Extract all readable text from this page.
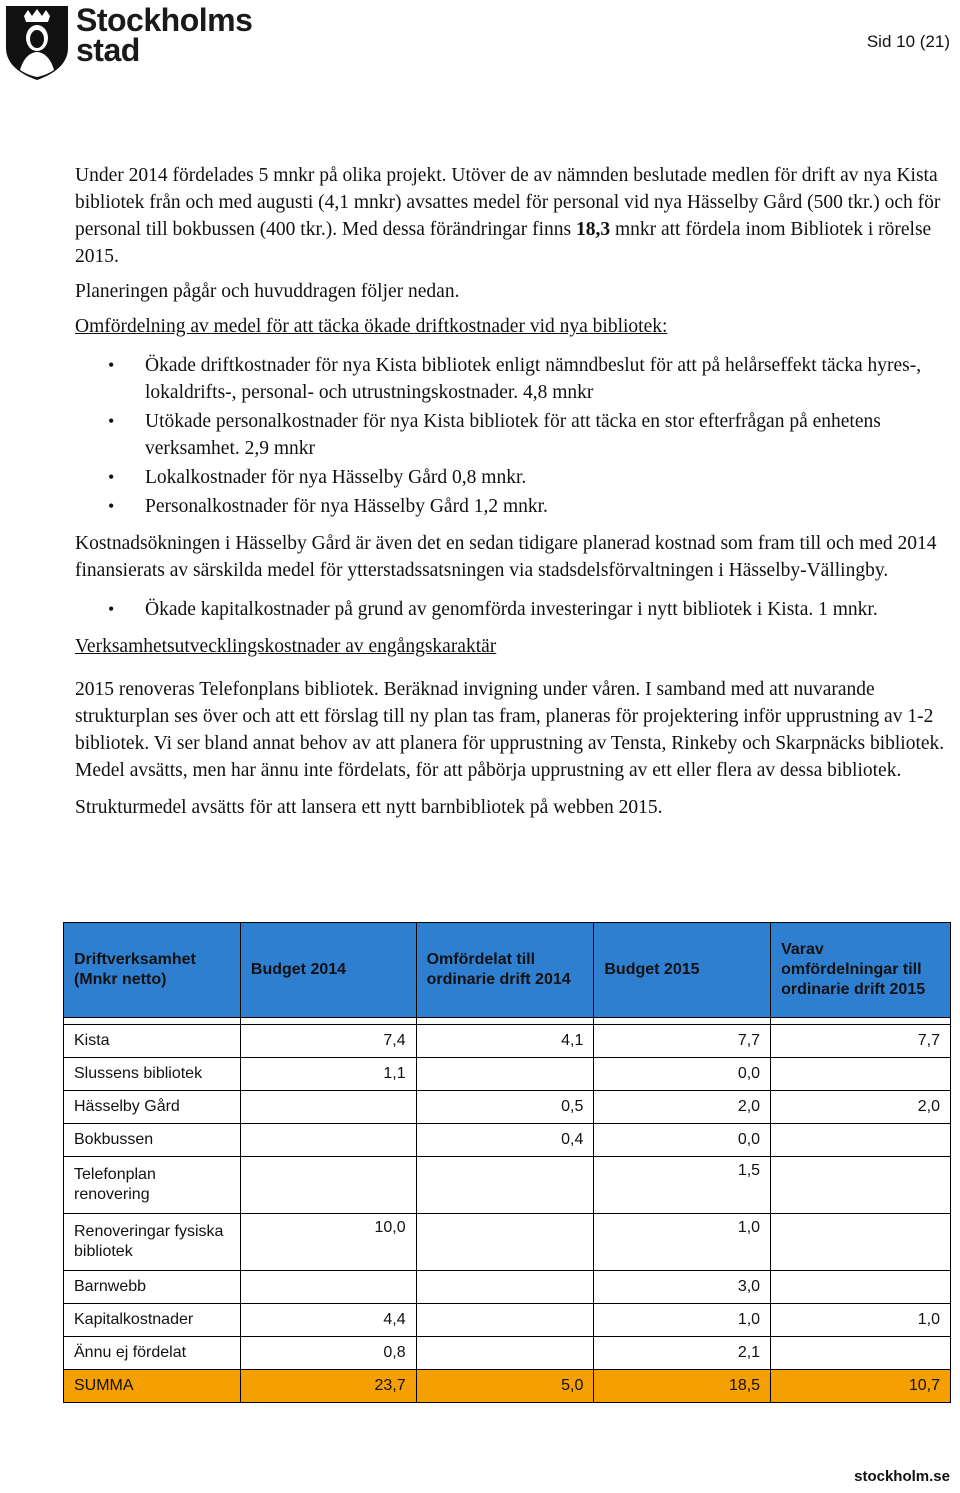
Stockholms
stad	Sid 10 (21)

Under 2014 fördelades 5 mnkr på olika projekt. Utöver de av nämnden beslutade medlen för drift av nya Kista bibliotek från och med augusti (4,1 mnkr) avsattes medel för personal vid nya Hässelby Gård (500 tkr.) och för personal till bokbussen (400 tkr.). Med dessa förändringar finns 18,3 mnkr att fördela inom Bibliotek i rörelse 2015.

Planeringen pågår och huvuddragen följer nedan.

Omfördelning av medel för att täcka ökade driftkostnader vid nya bibliotek:

• Ökade driftkostnader för nya Kista bibliotek enligt nämndbeslut för att på helårseffekt täcka hyres-, lokaldrifts-, personal- och utrustningskostnader. 4,8 mnkr
• Utökade personalkostnader för nya Kista bibliotek för att täcka en stor efterfrågan på enhetens verksamhet. 2,9 mnkr
• Lokalkostnader för nya Hässelby Gård 0,8 mnkr.
• Personalkostnader för nya Hässelby Gård 1,2 mnkr.

Kostnadsökningen i Hässelby Gård är även det en sedan tidigare planerad kostnad som fram till och med 2014 finansierats av särskilda medel för ytterstadssatsningen via stadsdelsförvaltningen i Hässelby-Vällingby.

• Ökade kapitalkostnader på grund av genomförda investeringar i nytt bibliotek i Kista. 1 mnkr.

Verksamhetsutvecklingskostnader av engångskaraktär

2015 renoveras Telefonplans bibliotek. Beräknad invigning under våren. I samband med att nuvarande strukturplan ses över och att ett förslag till ny plan tas fram, planeras för projektering inför upprustning av 1-2 bibliotek. Vi ser bland annat behov av att planera för upprustning av Tensta, Rinkeby och Skarpnäcks bibliotek. Medel avsätts, men har ännu inte fördelats, för att påbörja upprustning av ett eller flera av dessa bibliotek.

Strukturmedel avsätts för att lansera ett nytt barnbibliotek på webben 2015.

Driftverksamhet (Mnkr netto)	Budget 2014	Omfördelat till ordinarie drift 2014	Budget 2015	Varav omfördelningar till ordinarie drift 2015

Kista	7,4	4,1	7,7	7,7
Slussens bibliotek	1,1		0,0	
Hässelby Gård		0,5	2,0	2,0
Bokbussen		0,4	0,0	
Telefonplan renovering			1,5	
Renoveringar fysiska bibliotek	10,0		1,0	
Barnwebb			3,0	
Kapitalkostnader	4,4		1,0	1,0
Ännu ej fördelat	0,8		2,1	
SUMMA	23,7	5,0	18,5	10,7
stockholm.se
